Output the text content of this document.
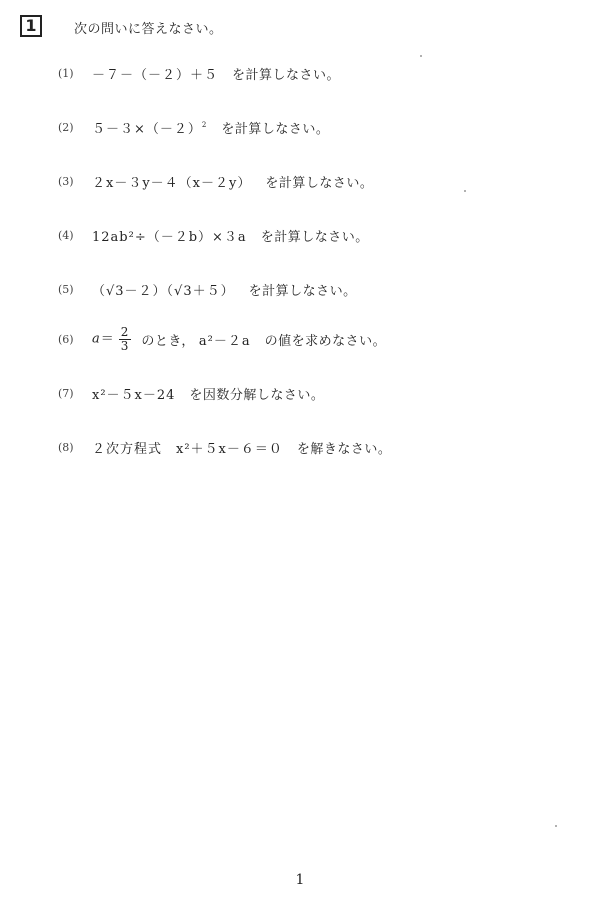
1	次の問いに答えなさい。
(1)	－７－（－２）＋５ を計算しなさい。
(2)	$5-3\times(-2)^2$ を計算しなさい。
(3)	２x－３y－４（x－２y） を計算しなさい。
(4)	12ab²÷（－２b）×３a を計算しなさい。
(5)	（√3－２）（√3＋５） を計算しなさい。
(6)	$a= \frac{2}{3}$ のとき， a²－２a の値を求めなさい。
(7)	x²－５x－24 を因数分解しなさい。
(8)	２次方程式 x²＋５x－６＝０ を解きなさい。
1
